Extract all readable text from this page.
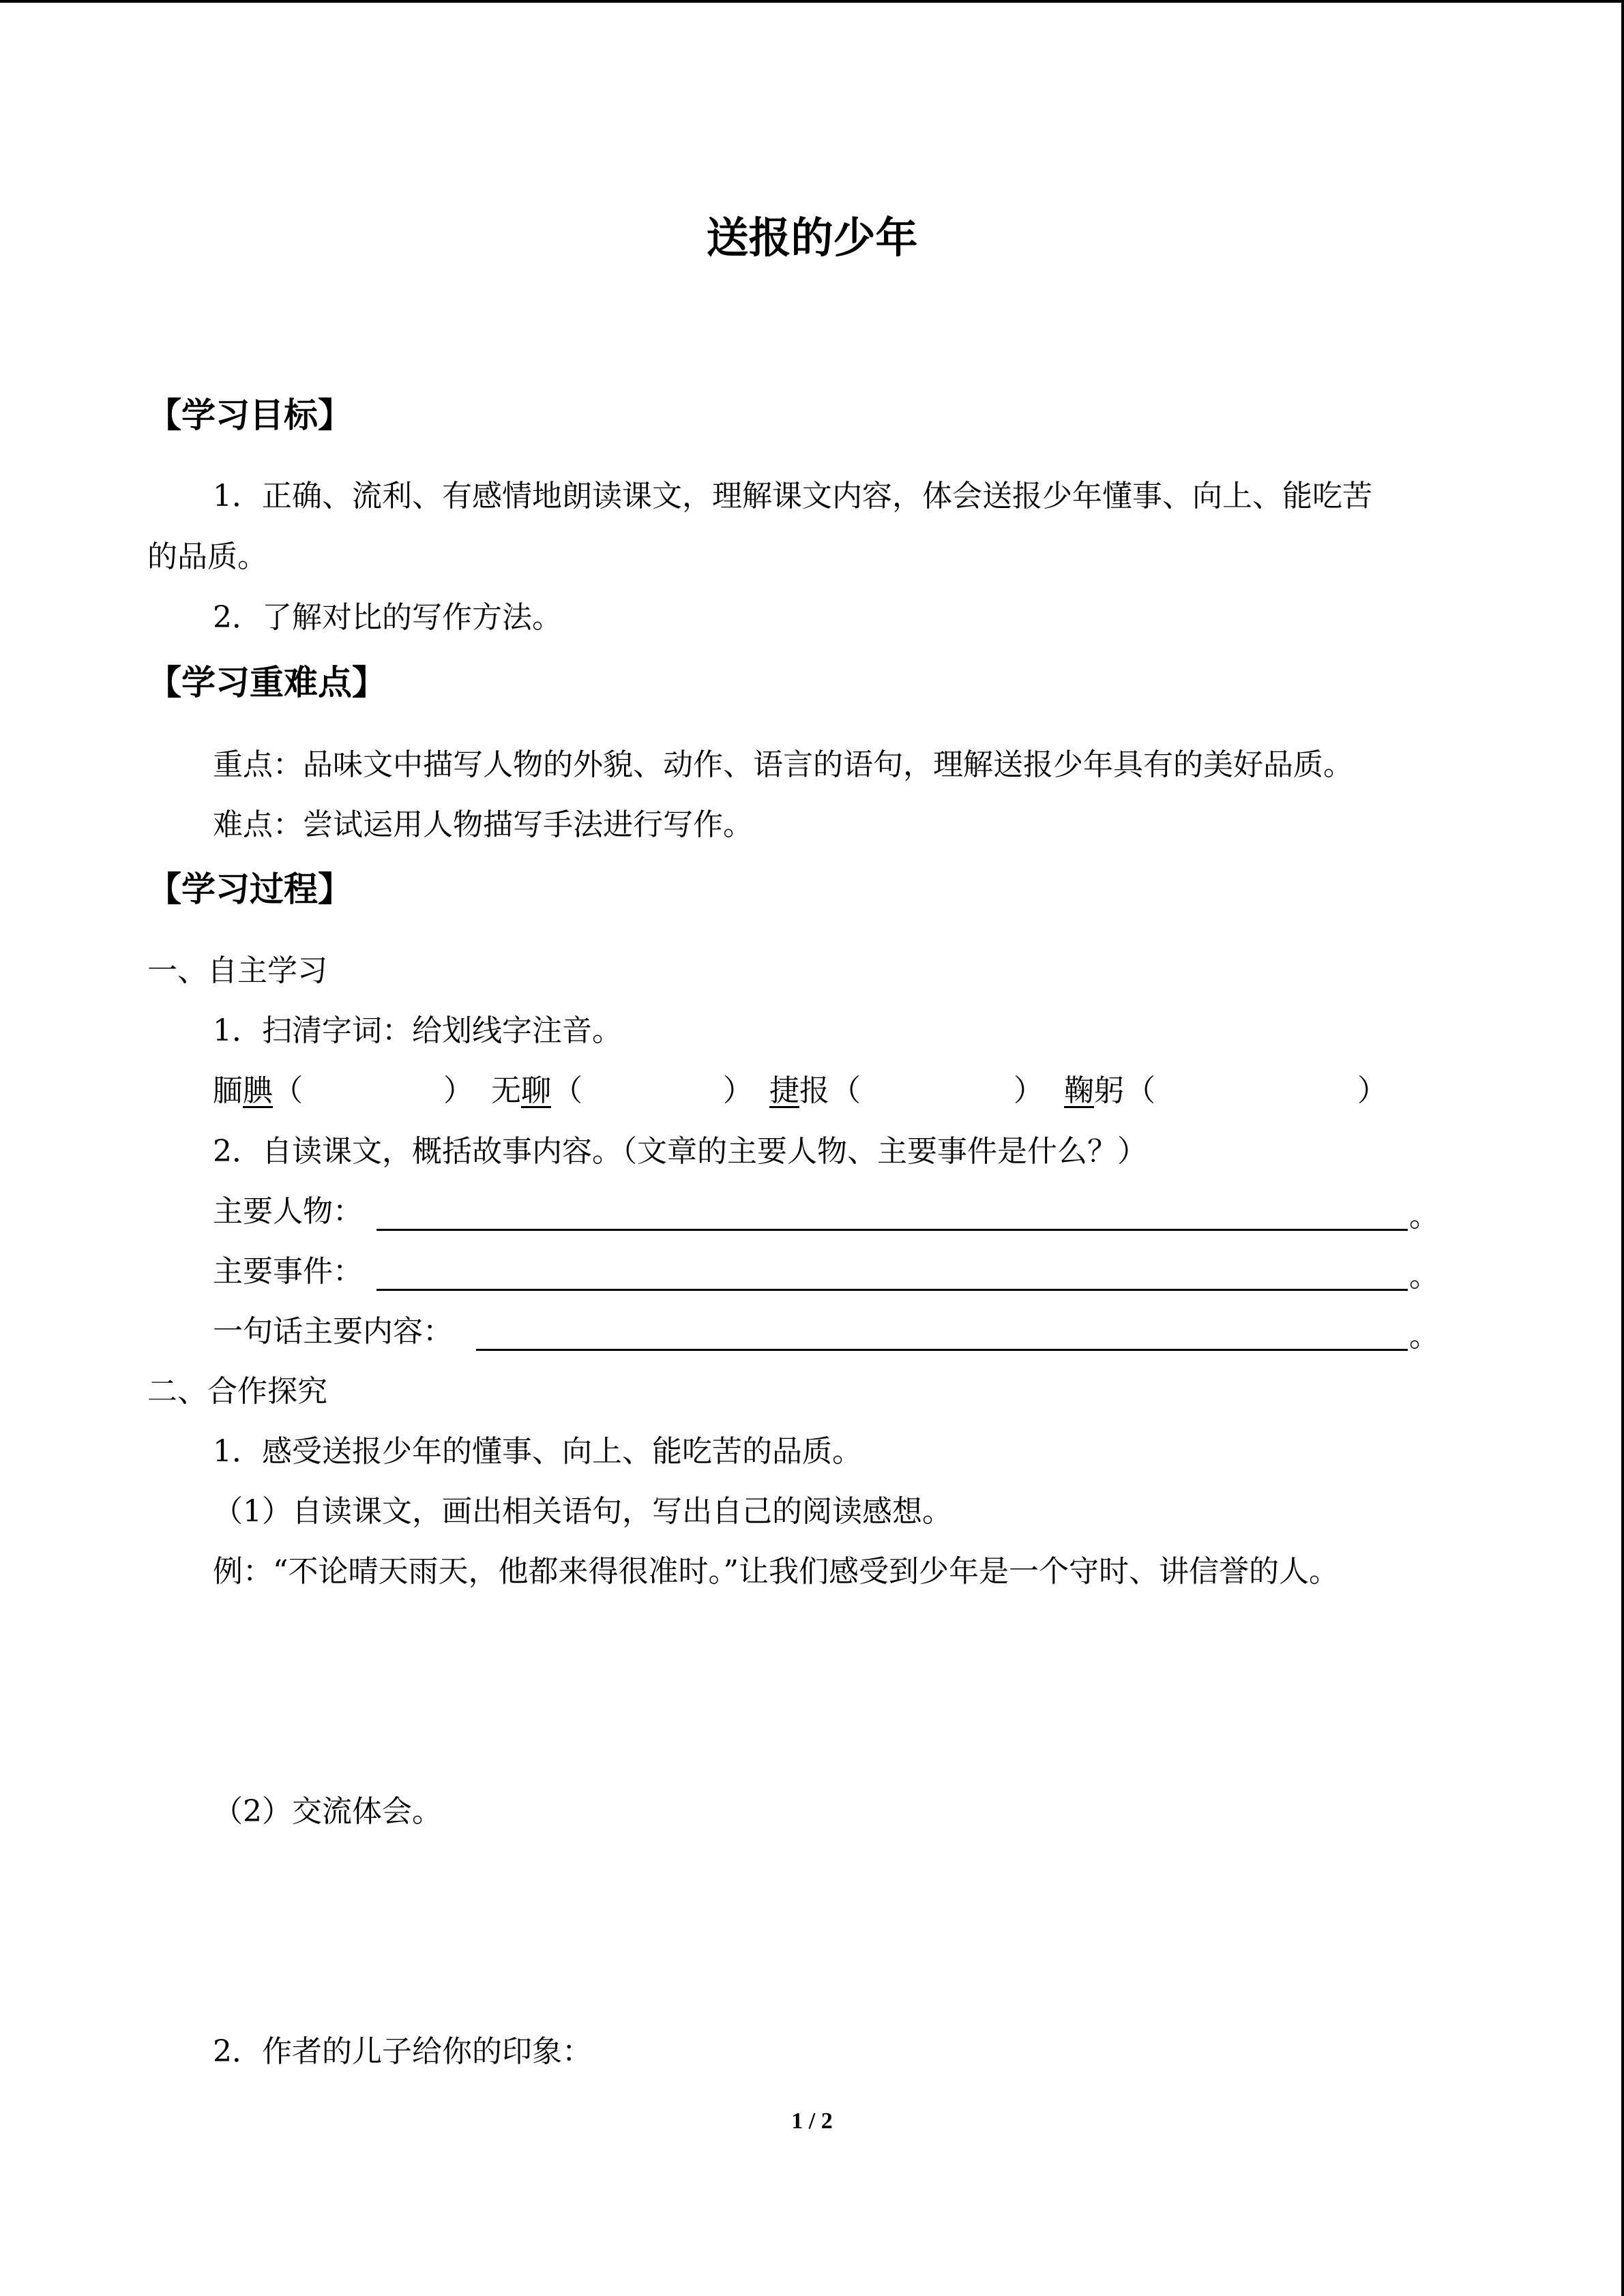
送报的少年
【学习目标】
1．正确、流利、有感情地朗读课文，理解课文内容，体会送报少年懂事、向上、能吃苦
的品质。
2．了解对比的写作方法。
【学习重难点】
重点：品味文中描写人物的外貌、动作、语言的语句，理解送报少年具有的美好品质。
难点：尝试运用人物描写手法进行写作。
【学习过程】
一、自主学习
1．扫清字词：给划线字注音。
腼腆 （	） 无聊 （	） 捷报 （	） 鞠躬 （	）
2．自读课文，概括故事内容。（文章的主要人物、主要事件是什么？）
主要人物：	。
主要事件：	。
一句话主要内容：	。
二、合作探究
1．感受送报少年的懂事、向上、能吃苦的品质。
（1）自读课文，画出相关语句，写出自己的阅读感想。
例：“不论晴天雨天，他都来得很准时。”让我们感受到少年是一个守时、讲信誉的人。
（2）交流体会。
2．作者的儿子给你的印象：
1 / 2
